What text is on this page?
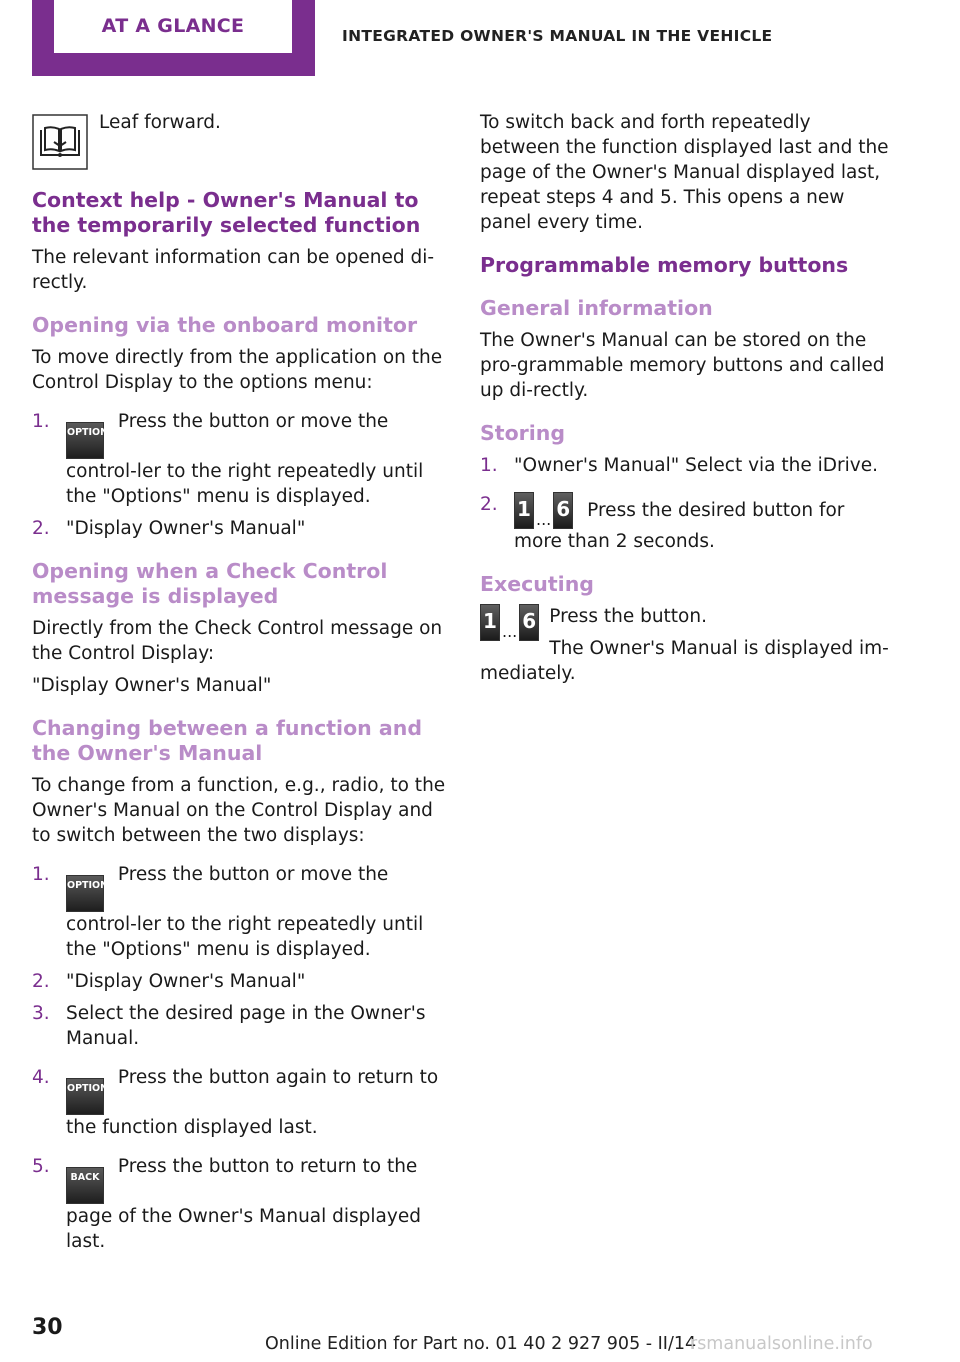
AT A GLANCE	INTEGRATED OWNER'S MANUAL IN THE VEHICLE
Leaf forward.
Context help - Owner's Manual to the temporarily selected function

The relevant information can be opened di‐rectly.

Opening via the onboard monitor

To move directly from the application on the Control Display to the options menu:

1.
OPTION Press the button or move the control‐ler to the right repeatedly until the "Options" menu is displayed.
2. "Display Owner's Manual"
Opening when a Check Control message is displayed

Directly from the Check Control message on the Control Display:

"Display Owner's Manual"

Changing between a function and the Owner's Manual

To change from a function, e.g., radio, to the Owner's Manual on the Control Display and to switch between the two displays:

1.
OPTION Press the button or move the control‐ler to the right repeatedly until the "Options" menu is displayed.
2. "Display Owner's Manual"
3. Select the desired page in the Owner's Manual.
4.
OPTION Press the button again to return to the function displayed last.
5.
BACK Press the button to return to the page of the Owner's Manual displayed last.

To switch back and forth repeatedly between the function displayed last and the page of the Owner's Manual displayed last, repeat steps 4 and 5. This opens a new panel every time.

Programmable memory buttons
General information

The Owner's Manual can be stored on the pro‐grammable memory buttons and called up di‐rectly.

Storing
1. "Owner's Manual" Select via the iDrive.
2. 1 ... 6 Press the desired button for more than 2 seconds.
Executing
1 ... 6 Press the button.

The Owner's Manual is displayed im‐mediately.

30
Online Edition for Part no. 01 40 2 927 905 - II/14
rsmanualsonline.info
